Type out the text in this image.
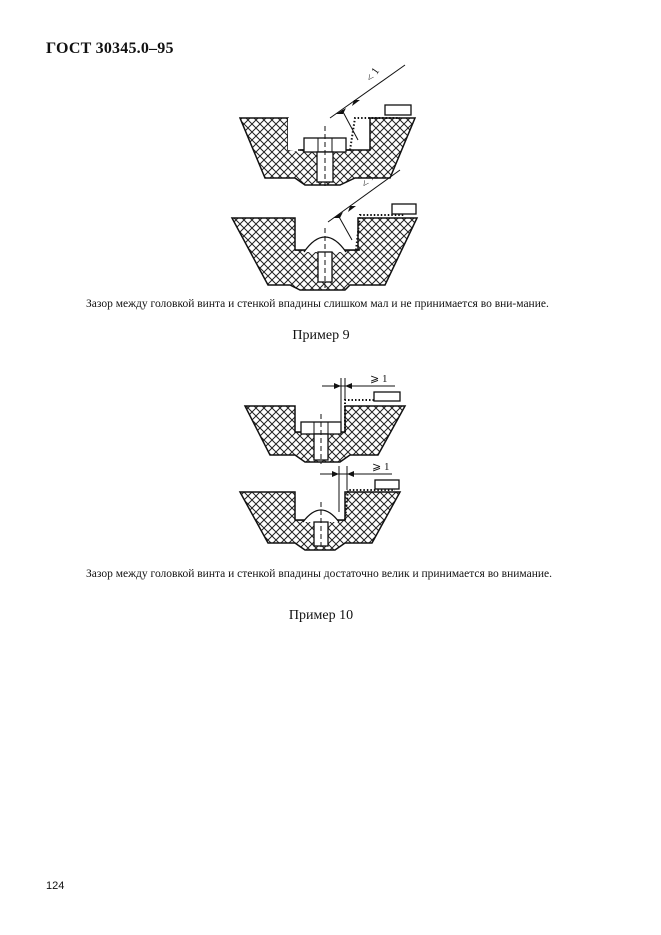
ГОСТ 30345.0–95
< 1
< 1
Зазор между головкой винта и стенкой впадины слишком мал и не принимается во вни-мание.
Пример 9
⩾ 1
⩾ 1
Зазор между головкой винта и стенкой впадины достаточно велик и принимается во внимание.
Пример 10
124
